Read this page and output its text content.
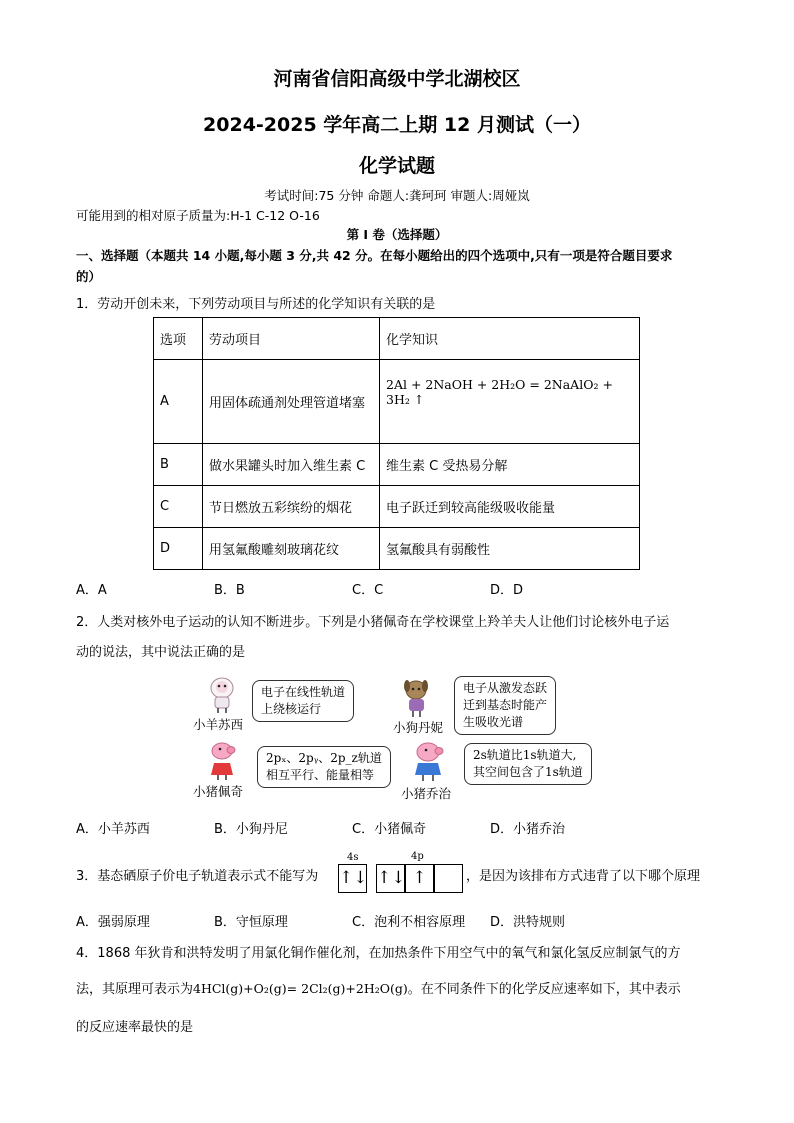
河南省信阳高级中学北湖校区
2024-2025 学年高二上期 12 月测试（一）
化学试题
考试时间:75 分钟 命题人:龚珂珂 审题人:周娅岚
可能用到的相对原子质量为:H-1 C-12 O-16
第 I 卷（选择题）
一、选择题（本题共 14 小题,每小题 3 分,共 42 分。在每小题给出的四个选项中,只有一项是符合题目要求
的）
1．劳动开创未来，下列劳动项目与所述的化学知识有关联的是
选项	劳动项目	化学知识
A	用固体疏通剂处理管道堵塞	2Al + 2NaOH + 2H₂O = 2NaAlO₂ + 3H₂ ↑
B	做水果罐头时加入维生素 C	维生素 C 受热易分解
C	节日燃放五彩缤纷的烟花	电子跃迁到较高能级吸收能量
D	用氢氟酸雕刻玻璃花纹	氢氟酸具有弱酸性
A．A	B．B	C．C	D．D
2．人类对核外电子运动的认知不断进步。下列是小猪佩奇在学校课堂上羚羊夫人让他们讨论核外电子运
动的说法，其中说法正确的是
小羊苏西
电子在线性轨道
上绕核运行
小狗丹妮
电子从激发态跃
迁到基态时能产
生吸收光谱
小猪佩奇
2pₓ、2pᵧ、2p_z轨道
相互平行、能量相等
小猪乔治
2s轨道比1s轨道大,
其空间包含了1s轨道
A．小羊苏西	B．小狗丹尼	C．小猪佩奇	D．小猪乔治
3．基态硒原子价电子轨道表示式不能写为
4s	4p
↑↓ ↑↓ ↑	，是因为该排布方式违背了以下哪个原理
A．强弱原理	B．守恒原理	C．泡利不相容原理 D．洪特规则
4．1868 年狄肯和洪特发明了用氯化铜作催化剂，在加热条件下用空气中的氧气和氯化氢反应制氯气的方
法，其原理可表示为4HCl(g)+O₂(g)= 2Cl₂(g)+2H₂O(g)。在不同条件下的化学反应速率如下，其中表示
的反应速率最快的是
